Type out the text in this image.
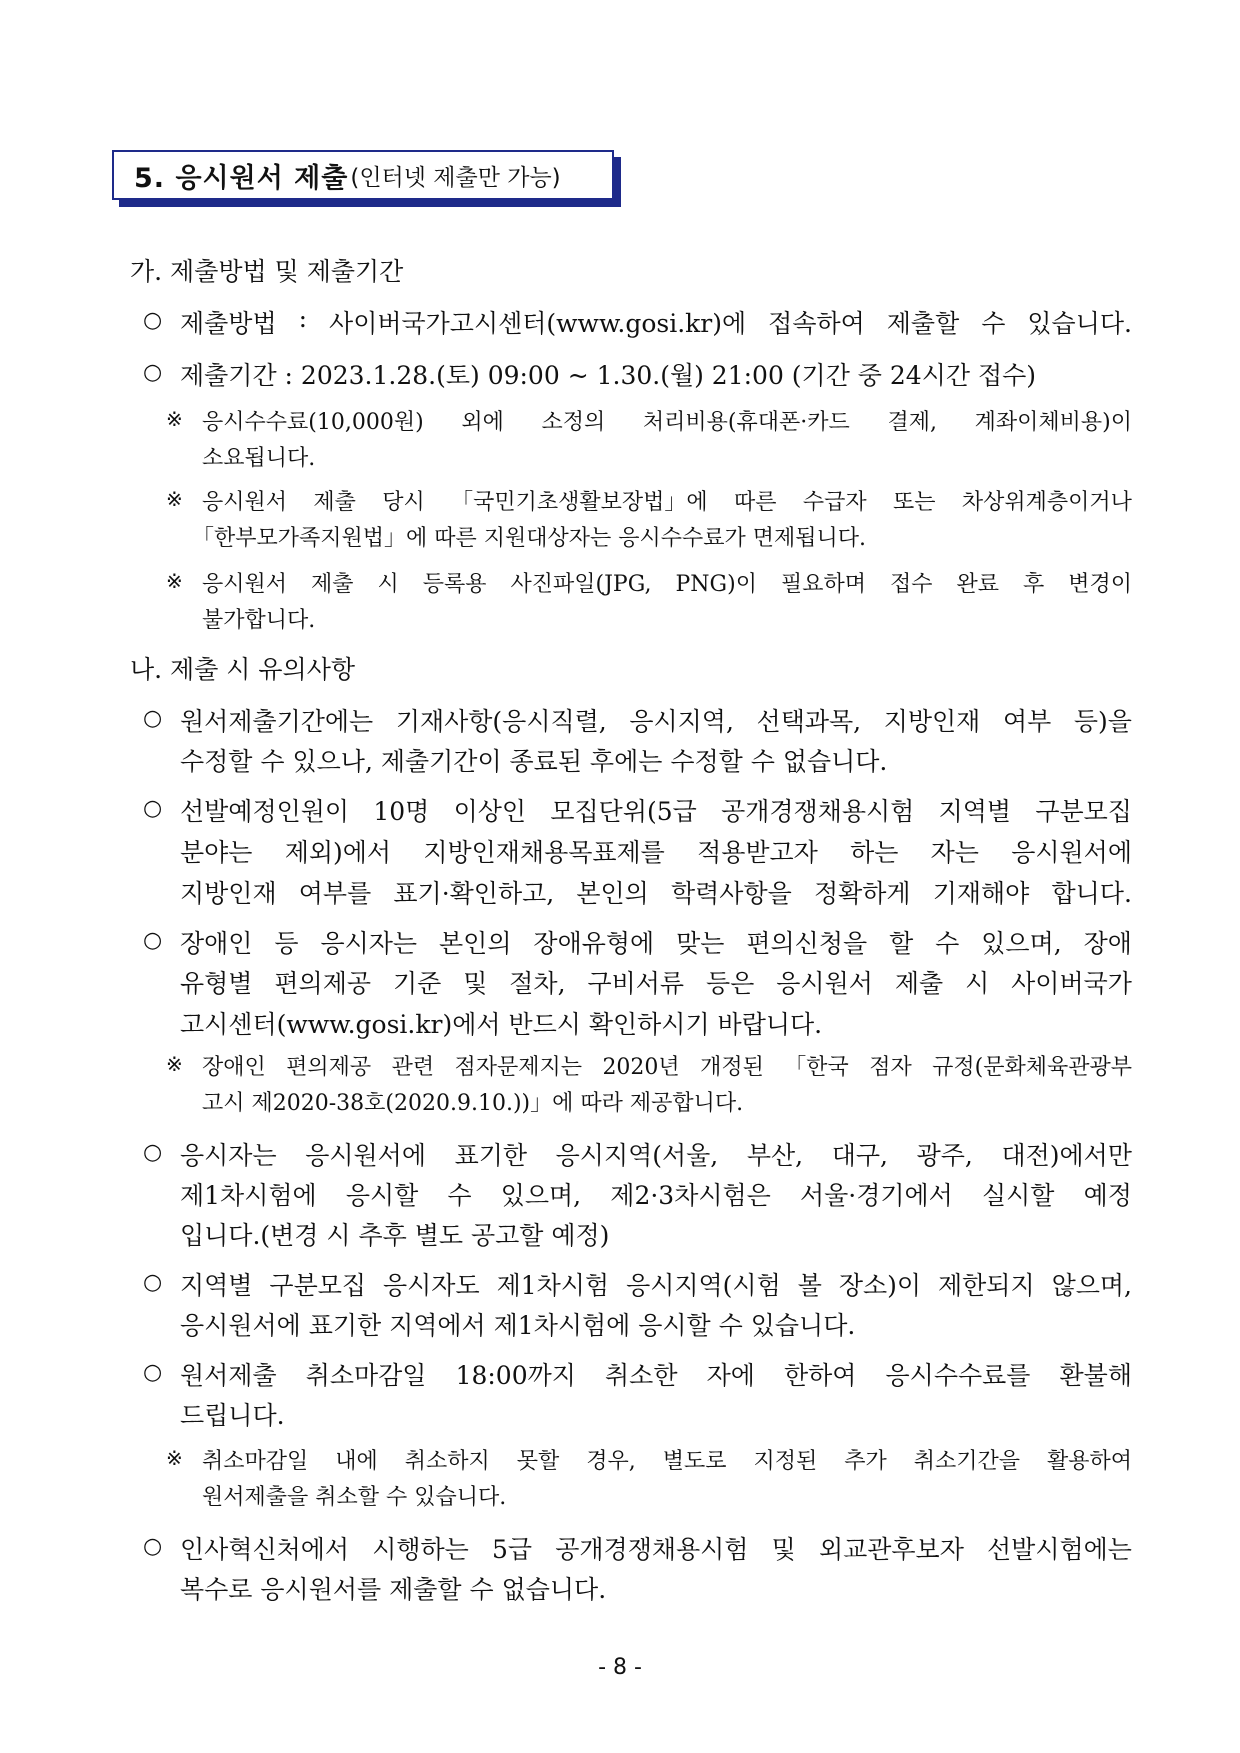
5. 응시원서 제출 (인터넷 제출만 가능)
가. 제출방법 및 제출기간
○ 제출방법 : 사이버국가고시센터(www.gosi.kr)에 접속하여 제출할 수 있습니다.
○ 제출기간 : 2023.1.28.(토) 09:00 ~ 1.30.(월) 21:00 (기간 중 24시간 접수)
※ 응시수수료(10,000원) 외에 소정의 처리비용(휴대폰·카드 결제, 계좌이체비용)이
소요됩니다.
※ 응시원서 제출 당시 「국민기초생활보장법」에 따른 수급자 또는 차상위계층이거나
「한부모가족지원법」에 따른 지원대상자는 응시수수료가 면제됩니다.
※ 응시원서 제출 시 등록용 사진파일(JPG, PNG)이 필요하며 접수 완료 후 변경이
불가합니다.
나. 제출 시 유의사항
○ 원서제출기간에는 기재사항(응시직렬, 응시지역, 선택과목, 지방인재 여부 등)을
수정할 수 있으나, 제출기간이 종료된 후에는 수정할 수 없습니다.
○ 선발예정인원이 10명 이상인 모집단위(5급 공개경쟁채용시험 지역별 구분모집
분야는 제외)에서 지방인재채용목표제를 적용받고자 하는 자는 응시원서에
지방인재 여부를 표기·확인하고, 본인의 학력사항을 정확하게 기재해야 합니다.
○ 장애인 등 응시자는 본인의 장애유형에 맞는 편의신청을 할 수 있으며, 장애
유형별 편의제공 기준 및 절차, 구비서류 등은 응시원서 제출 시 사이버국가
고시센터(www.gosi.kr)에서 반드시 확인하시기 바랍니다.
※ 장애인 편의제공 관련 점자문제지는 2020년 개정된 「한국 점자 규정(문화체육관광부
고시 제2020-38호(2020.9.10.))」에 따라 제공합니다.
○ 응시자는 응시원서에 표기한 응시지역(서울, 부산, 대구, 광주, 대전)에서만
제1차시험에 응시할 수 있으며, 제2·3차시험은 서울·경기에서 실시할 예정
입니다.(변경 시 추후 별도 공고할 예정)
○ 지역별 구분모집 응시자도 제1차시험 응시지역(시험 볼 장소)이 제한되지 않으며,
응시원서에 표기한 지역에서 제1차시험에 응시할 수 있습니다.
○ 원서제출 취소마감일 18:00까지 취소한 자에 한하여 응시수수료를 환불해
드립니다.
※ 취소마감일 내에 취소하지 못할 경우, 별도로 지정된 추가 취소기간을 활용하여
원서제출을 취소할 수 있습니다.
○ 인사혁신처에서 시행하는 5급 공개경쟁채용시험 및 외교관후보자 선발시험에는
복수로 응시원서를 제출할 수 없습니다.
- 8 -
